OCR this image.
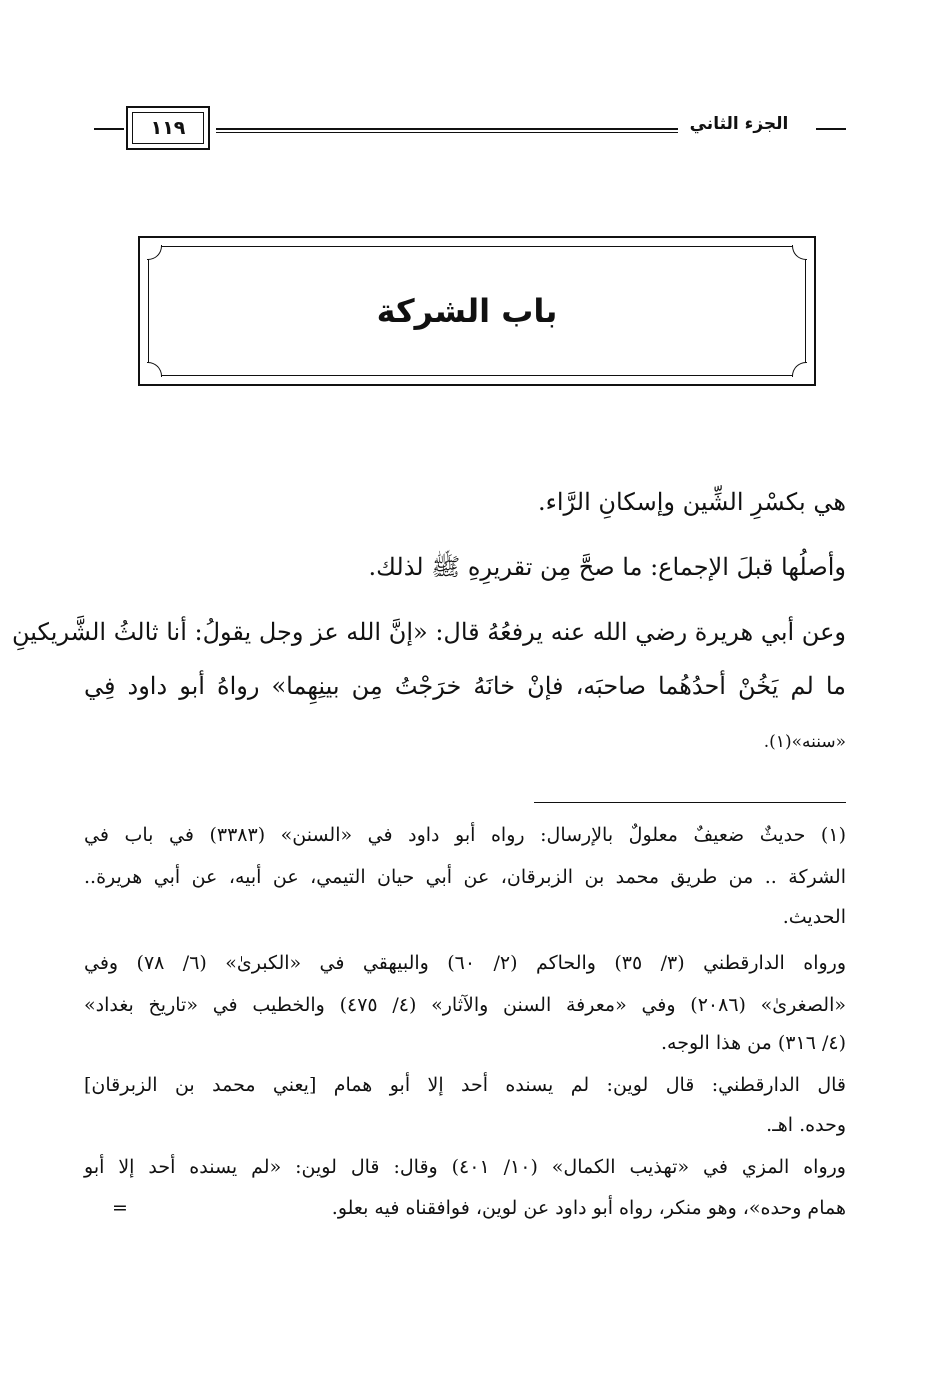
الجزء الثاني
١١٩
باب الشركة
هي بكسْرِ الشِّين وإسكانِ الرَّاء.
وأصلُها قبلَ الإجماع: ما صحَّ مِن تقريرِهِ ﷺ لذلك.
وعن أبي هريرة رضي الله عنه يرفعُهُ قال: «إنَّ الله عز وجل يقولُ: أنا ثالثُ الشَّريكينِ
ما لم يَخُنْ أحدُهُما صاحبَه، فإنْ خانَهُ خرَجْتُ مِن بينِهِما» رواهُ أبو داود فِي
«سننه»(١).
(١) حديثٌ ضعيفٌ معلولٌ بالإرسال: رواه أبو داود في «السنن» (٣٣٨٣) في باب في
الشركة .. من طريق محمد بن الزبرقان، عن أبي حيان التيمي، عن أبيه، عن أبي هريرة..
الحديث.
ورواه الدارقطني (٣/ ٣٥) والحاكم (٢/ ٦٠) والبيهقي في «الكبرىٰ» (٦/ ٧٨) وفي
«الصغرىٰ» (٢٠٨٦) وفي «معرفة السنن والآثار» (٤/ ٤٧٥) والخطيب في «تاريخ بغداد»
(٤/ ٣١٦) من هذا الوجه.
قال الدارقطني: قال لوين: لم يسنده أحد إلا أبو همام [يعني محمد بن الزبرقان]
وحده. اهـ.
ورواه المزي في «تهذيب الكمال» (١٠/ ٤٠١) وقال: قال لوين: «لم يسنده أحد إلا أبو
همام وحده»، وهو منكر، رواه أبو داود عن لوين، فوافقناه فيه بعلو.
=
